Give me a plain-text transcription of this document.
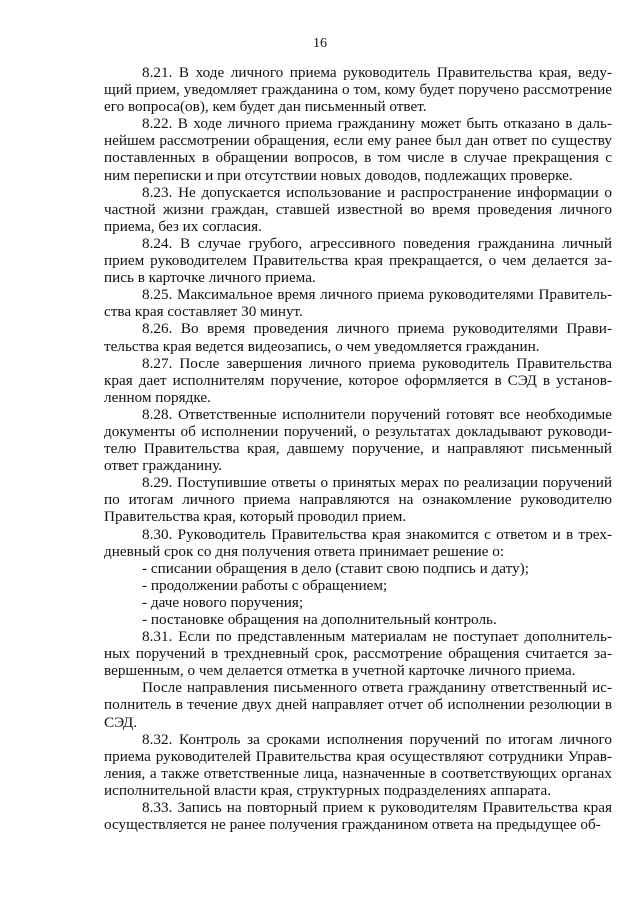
16

8.21. В ходе личного приема руководитель Правительства края, ведущий прием, уведомляет гражданина о том, кому будет поручено рассмотрение его вопроса(ов), кем будет дан письменный ответ.

8.22. В ходе личного приема гражданину может быть отказано в дальнейшем рассмотрении обращения, если ему ранее был дан ответ по существу поставленных в обращении вопросов, в том числе в случае прекращения с ним переписки и при отсутствии новых доводов, подлежащих проверке.

8.23. Не допускается использование и распространение информации о частной жизни граждан, ставшей известной во время проведения личного приема, без их согласия.

8.24. В случае грубого, агрессивного поведения гражданина личный прием руководителем Правительства края прекращается, о чем делается запись в карточке личного приема.

8.25. Максимальное время личного приема руководителями Правительства края составляет 30 минут.

8.26. Во время проведения личного приема руководителями Правительства края ведется видеозапись, о чем уведомляется гражданин.

8.27. После завершения личного приема руководитель Правительства края дает исполнителям поручение, которое оформляется в СЭД в установленном порядке.

8.28. Ответственные исполнители поручений готовят все необходимые документы об исполнении поручений, о результатах докладывают руководителю Правительства края, давшему поручение, и направляют письменный ответ гражданину.

8.29. Поступившие ответы о принятых мерах по реализации поручений по итогам личного приема направляются на ознакомление руководителю Правительства края, который проводил прием.

8.30. Руководитель Правительства края знакомится с ответом и в трехдневный срок со дня получения ответа принимает решение о:

- списании обращения в дело (ставит свою подпись и дату);

- продолжении работы с обращением;

- даче нового поручения;

- постановке обращения на дополнительный контроль.

8.31. Если по представленным материалам не поступает дополнительных поручений в трехдневный срок, рассмотрение обращения считается завершенным, о чем делается отметка в учетной карточке личного приема.

После направления письменного ответа гражданину ответственный исполнитель в течение двух дней направляет отчет об исполнении резолюции в СЭД.

8.32. Контроль за сроками исполнения поручений по итогам личного приема руководителей Правительства края осуществляют сотрудники Управления, а также ответственные лица, назначенные в соответствующих органах исполнительной власти края, структурных подразделениях аппарата.

8.33. Запись на повторный прием к руководителям Правительства края осуществляется не ранее получения гражданином ответа на предыдущее об-
